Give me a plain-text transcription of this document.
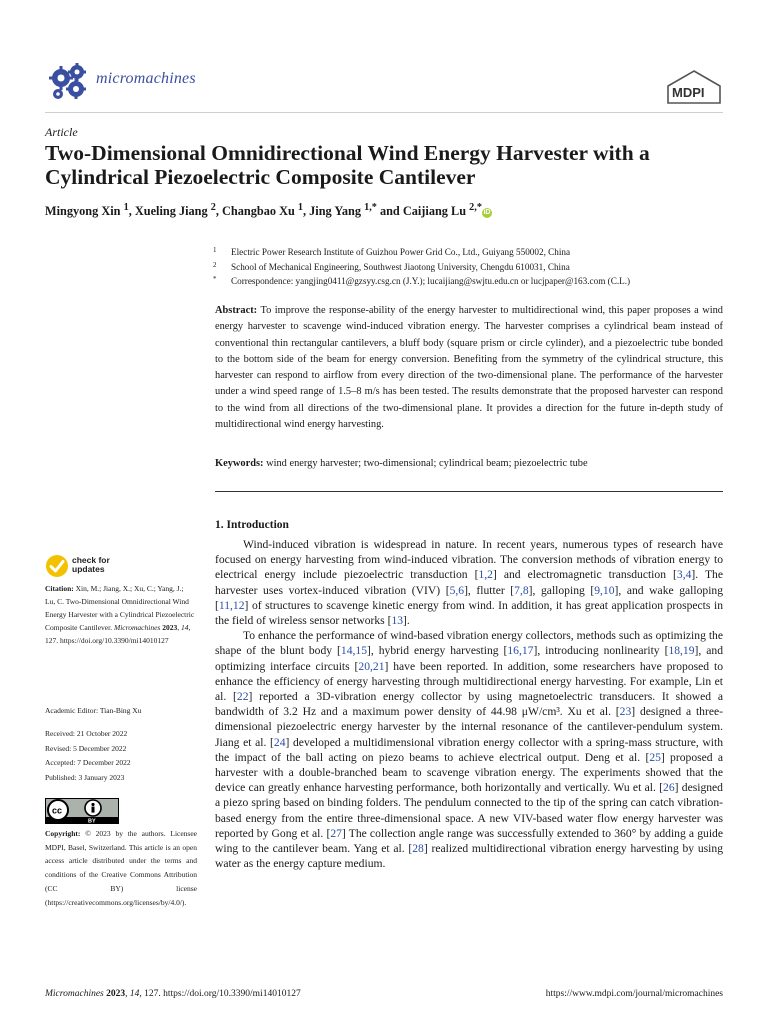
micromachines
MDPI
Article
Two-Dimensional Omnidirectional Wind Energy Harvester with a Cylindrical Piezoelectric Composite Cantilever
Mingyong Xin $^1$, Xueling Jiang $^2$, Changbao Xu $^1$, Jing Yang $^{1,*}$ and Caijiang Lu $^{2,*}$ iD
1 Electric Power Research Institute of Guizhou Power Grid Co., Ltd., Guiyang 550002, China
2 School of Mechanical Engineering, Southwest Jiaotong University, Chengdu 610031, China
* Correspondence: yangjing0411@gzsyy.csg.cn (J.Y.); lucaijiang@swjtu.edu.cn or lucjpaper@163.com (C.L.)
Abstract: To improve the response-ability of the energy harvester to multidirectional wind, this paper proposes a wind energy harvester to scavenge wind-induced vibration energy. The harvester comprises a cylindrical beam instead of conventional thin rectangular cantilevers, a bluff body (square prism or circle cylinder), and a piezoelectric tube bonded to the bottom side of the beam for energy conversion. Benefiting from the symmetry of the cylindrical structure, this harvester can respond to airflow from every direction of the two-dimensional plane. The performance of the harvester under a wind speed range of 1.5–8 m/s has been tested. The results demonstrate that the proposed harvester can respond to the wind from all directions of the two-dimensional plane. It provides a direction for the future in-depth study of multidirectional wind energy harvesting.
Keywords: wind energy harvester; two-dimensional; cylindrical beam; piezoelectric tube
check for
updates
Citation: Xin, M.; Jiang, X.; Xu, C.; Yang, J.; Lu, C. Two-Dimensional Omnidirectional Wind Energy Harvester with a Cylindrical Piezoelectric Composite Cantilever. Micromachines 2023, 14, 127. https://doi.org/10.3390/mi14010127
Academic Editor: Tian-Bing Xu
Received: 21 October 2022
Revised: 5 December 2022
Accepted: 7 December 2022
Published: 3 January 2023
cc
BY
Copyright: © 2023 by the authors. Licensee MDPI, Basel, Switzerland. This article is an open access article distributed under the terms and conditions of the Creative Commons Attribution (CC BY) license (https://creativecommons.org/licenses/by/4.0/).
1. Introduction

Wind-induced vibration is widespread in nature. In recent years, numerous types of research have focused on energy harvesting from wind-induced vibration. The conversion methods of vibration energy to electrical energy include piezoelectric transduction [1,2] and electromagnetic transduction [3,4]. The harvester uses vortex-induced vibration (VIV) [5,6], flutter [7,8], galloping [9,10], and wake galloping [11,12] of structures to scavenge kinetic energy from wind. In addition, it has great application prospects in the field of wireless sensor networks [13].

To enhance the performance of wind-based vibration energy collectors, methods such as optimizing the shape of the blunt body [14,15], hybrid energy harvesting [16,17], introducing nonlinearity [18,19], and optimizing interface circuits [20,21] have been reported. In addition, some researchers have proposed to enhance the efficiency of energy harvesting through multidirectional energy harvesting. For example, Lin et al. [22] reported a 3D-vibration energy collector by using magnetoelectric transducers. It showed a bandwidth of 3.2 Hz and a maximum power density of 44.98 μW/cm³. Xu et al. [23] designed a three-dimensional piezoelectric energy harvester by the internal resonance of the cantilever-pendulum system. Jiang et al. [24] developed a multidimensional vibration energy collector with a spring-mass structure, with the impact of the ball acting on piezo beams to achieve electrical output. Deng et al. [25] proposed a harvester with a double-branched beam to scavenge vibration energy. The experiments showed that the device can greatly enhance harvesting performance, both horizontally and vertically. Wu et al. [26] designed a piezo spring based on binding folders. The pendulum connected to the tip of the spring can catch vibration-based energy from the entire three-dimensional space. A new VIV-based water flow energy harvester was reported by Gong et al. [27] The collection angle range was successfully extended to 360° by adding a guide wing to the cantilever beam. Yang et al. [28] realized multidirectional vibration energy harvesting by using water as the energy capture medium.

Micromachines 2023, 14, 127. https://doi.org/10.3390/mi14010127	https://www.mdpi.com/journal/micromachines
